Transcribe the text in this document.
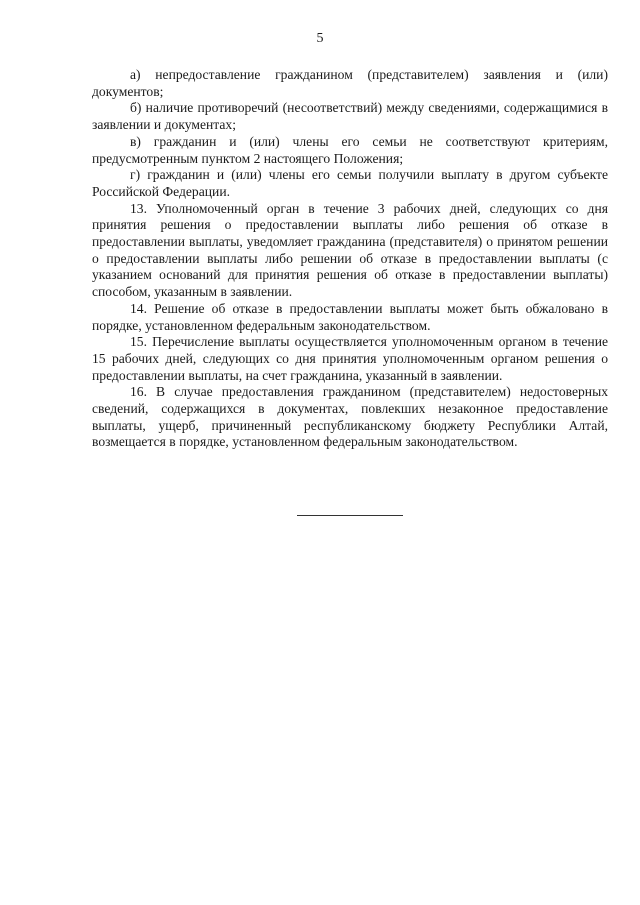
5

а) непредоставление гражданином (представителем) заявления и (или) документов;

б) наличие противоречий (несоответствий) между сведениями, содержащимися в заявлении и документах;

в) гражданин и (или) члены его семьи не соответствуют критериям, предусмотренным пунктом 2 настоящего Положения;

г) гражданин и (или) члены его семьи получили выплату в другом субъекте Российской Федерации.

13. Уполномоченный орган в течение 3 рабочих дней, следующих со дня принятия решения о предоставлении выплаты либо решения об отказе в предоставлении выплаты, уведомляет гражданина (представителя) о принятом решении о предоставлении выплаты либо решении об отказе в предоставлении выплаты (с указанием оснований для принятия решения об отказе в предоставлении выплаты) способом, указанным в заявлении.

14. Решение об отказе в предоставлении выплаты может быть обжаловано в порядке, установленном федеральным законодательством.

15. Перечисление выплаты осуществляется уполномоченным органом в течение 15 рабочих дней, следующих со дня принятия уполномоченным органом решения о предоставлении выплаты, на счет гражданина, указанный в заявлении.

16. В случае предоставления гражданином (представителем) недостоверных сведений, содержащихся в документах, повлекших незаконное предоставление выплаты, ущерб, причиненный республиканскому бюджету Республики Алтай, возмещается в порядке, установленном федеральным законодательством.
